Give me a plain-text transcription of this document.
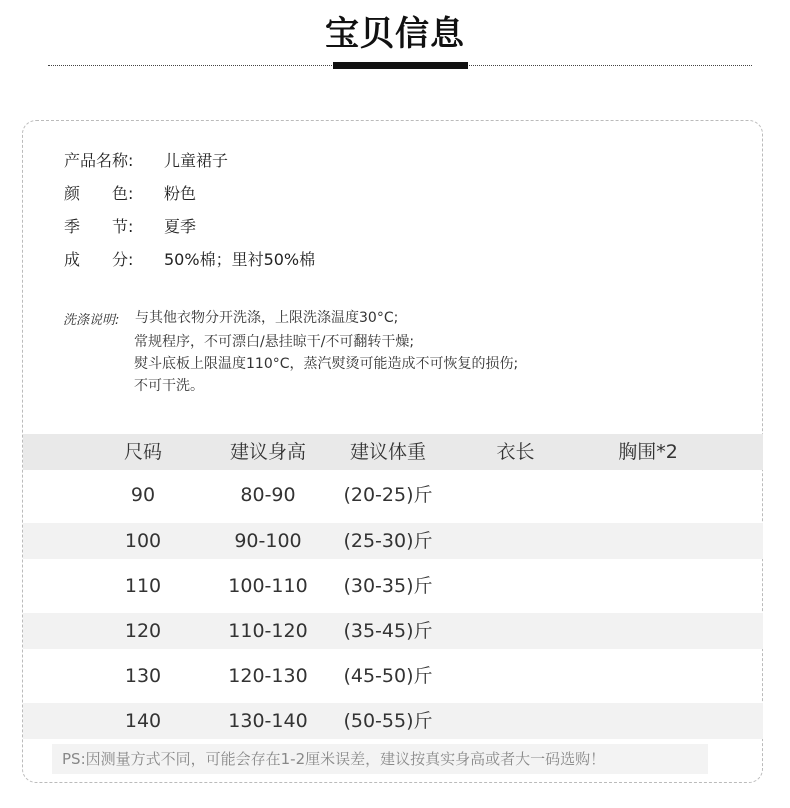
宝贝信息
产品名称: 儿童裙子
颜　　色: 粉色
季　　节: 夏季
成　　分: 50%棉；里衬50%棉
洗涤说明: 与其他衣物分开洗涤，上限洗涤温度30°C;
常规程序，不可漂白/悬挂晾干/不可翻转干燥;
熨斗底板上限温度110°C，蒸汽熨烫可能造成不可恢复的损伤;
不可干洗。
尺码	建议身高	建议体重	衣长	胸围*2
90	80-90	(20-25)斤
100	90-100	(25-30)斤
110	100-110	(30-35)斤
120	110-120	(35-45)斤
130	120-130	(45-50)斤
140	130-140	(50-55)斤
PS:因测量方式不同，可能会存在1-2厘米误差，建议按真实身高或者大一码选购！
